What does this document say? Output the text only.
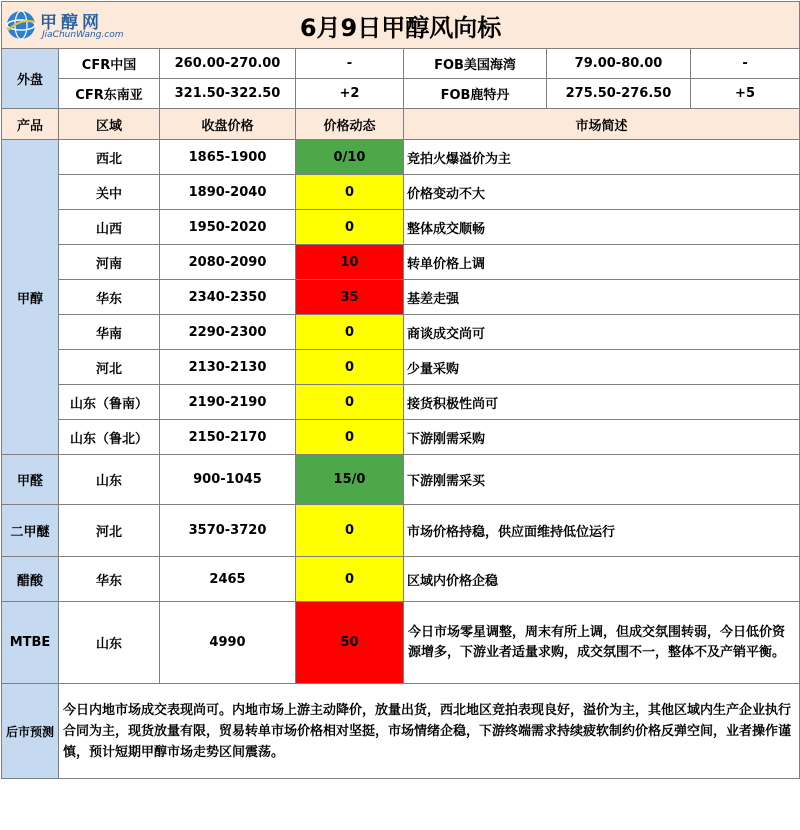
甲醇网
JiaChunWang.com 6月9日甲醇风向标						

外盘	CFR中国	260.00-270.00	-	FOB美国海湾	79.00-80.00	-
	CFR东南亚	321.50-322.50	+2	FOB鹿特丹	275.50-276.50	+5
产品	区域	收盘价格	价格动态	市场简述		
甲醇	西北	1865-1900	0/10	竞拍火爆溢价为主		
	关中	1890-2040	0	价格变动不大		
	山西	1950-2020	0	整体成交顺畅		
	河南	2080-2090	10	转单价格上调		
	华东	2340-2350	35	基差走强		
	华南	2290-2300	0	商谈成交尚可		
	河北	2130-2130	0	少量采购		
	山东（鲁南）	2190-2190	0	接货积极性尚可		
	山东（鲁北）	2150-2170	0	下游刚需采购		
甲醛	山东	900-1045	15/0	下游刚需采买		
二甲醚	河北	3570-3720	0	市场价格持稳，供应面维持低位运行		
醋酸	华东	2465	0	区域内价格企稳		
MTBE	山东	4990	50	今日市场零星调整，周末有所上调，但成交氛围转弱，今日低价资源增多，下游业者适量求购，成交氛围不一，整体不及产销平衡。		
后市预测	今日内地市场成交表现尚可。内地市场上游主动降价，放量出货，西北地区竞拍表现良好，溢价为主，其他区域内生产企业执行合同为主，现货放量有限，贸易转单市场价格相对坚挺，市场情绪企稳，下游终端需求持续疲软制约价格反弹空间，业者操作谨慎，预计短期甲醇市场走势区间震荡。					
